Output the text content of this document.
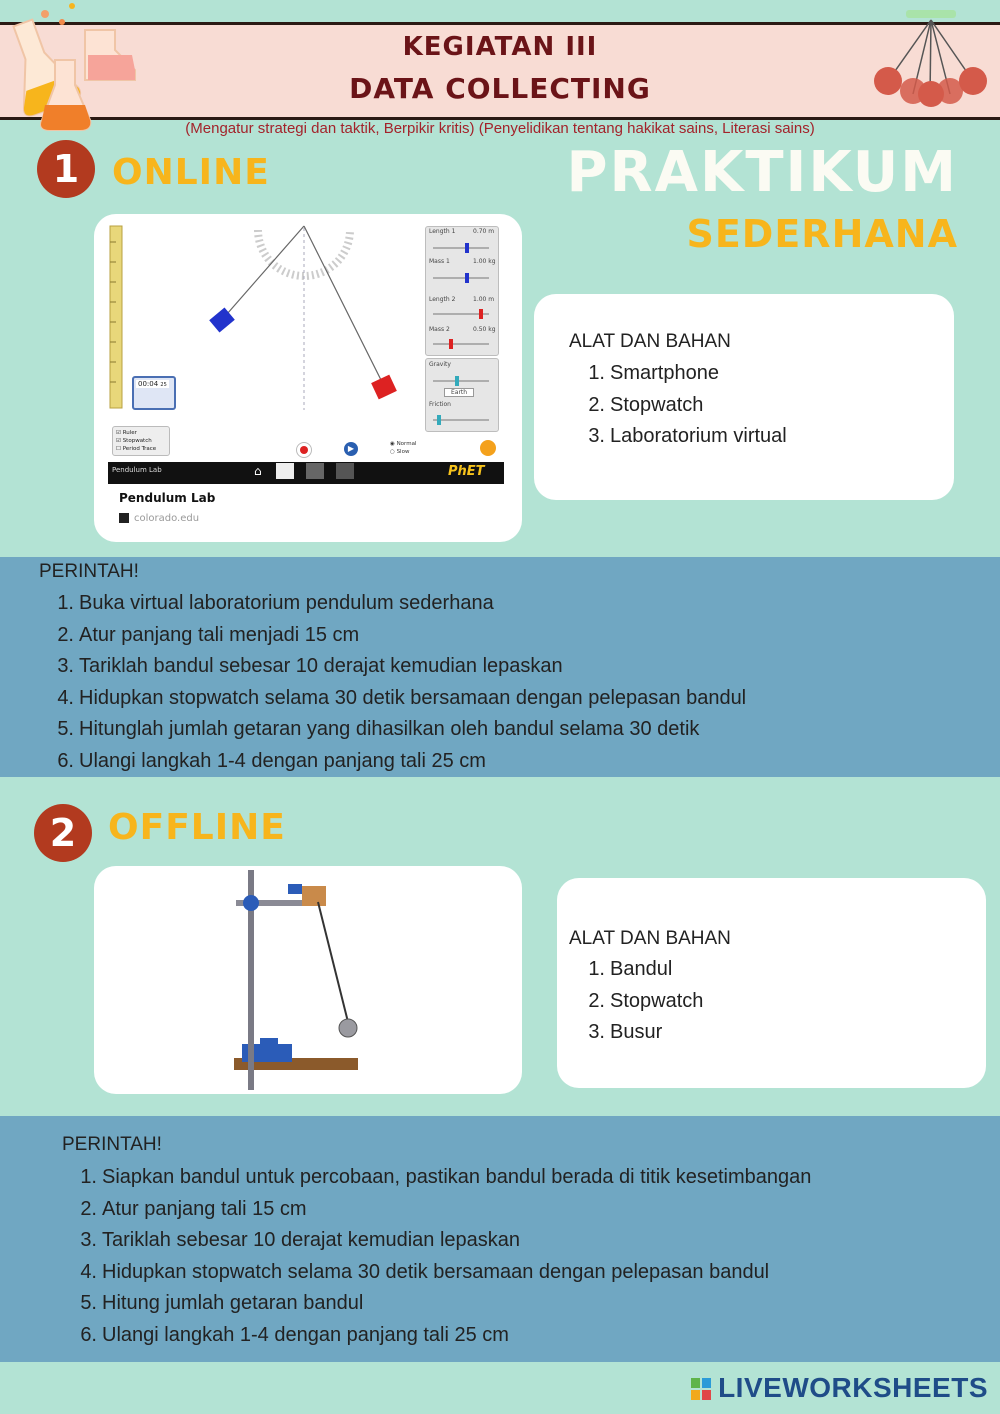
KEGIATAN III
DATA COLLECTING
(Mengatur strategi dan taktik, Berpikir kritis) (Penyelidikan tentang hakikat sains, Literasi sains)
1 ONLINE	PRAKTIKUM
SEDERHANA
Length 1	0.70 m
Mass 1	1.00 kg
Length 2	1.00 m
Mass 2	0.50 kg
Gravity
Earth
Friction
00:04 25
☑ Ruler
☑ Stopwatch
☐ Period Trace	▶	◉ Normal
○ Slow
Pendulum Lab	⌂	PhET
Pendulum Lab
colorado.edu
ALAT DAN BAHAN
1. Smartphone
2. Stopwatch
3. Laboratorium virtual
PERINTAH!
1. Buka virtual laboratorium pendulum sederhana
2. Atur panjang tali menjadi 15 cm
3. Tariklah bandul sebesar 10 derajat kemudian lepaskan
4. Hidupkan stopwatch selama 30 detik bersamaan dengan pelepasan bandul
5. Hitunglah jumlah getaran yang dihasilkan oleh bandul selama 30 detik
6. Ulangi langkah 1-4 dengan panjang tali 25 cm
2 OFFLINE
ALAT DAN BAHAN
1. Bandul
2. Stopwatch
3. Busur
PERINTAH!
1. Siapkan bandul untuk percobaan, pastikan bandul berada di titik kesetimbangan
2. Atur panjang tali 15 cm
3. Tariklah sebesar 10 derajat kemudian lepaskan
4. Hidupkan stopwatch selama 30 detik bersamaan dengan pelepasan bandul
5. Hitung jumlah getaran bandul
6. Ulangi langkah 1-4 dengan panjang tali 25 cm
LIVEWORKSHEETS
